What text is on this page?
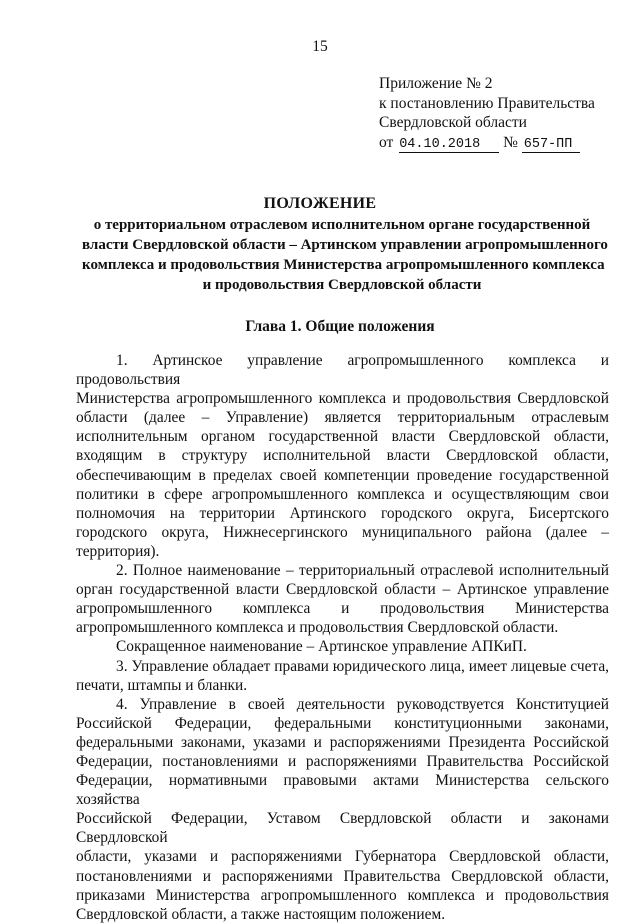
15
Приложение № 2
к постановлению Правительства
Свердловской области
от 04.10.2018 № 657-ПП
ПОЛОЖЕНИЕ
о территориальном отраслевом исполнительном органе государственной
власти Свердловской области – Артинском управлении агропромышленного
комплекса и продовольствия Министерства агропромышленного комплекса
и продовольствия Свердловской области
Глава 1. Общие положения
1. Артинское управление агропромышленного комплекса и продовольствия
Министерства агропромышленного комплекса и продовольствия Свердловской
области (далее – Управление) является территориальным отраслевым
исполнительным органом государственной власти Свердловской области,
входящим в структуру исполнительной власти Свердловской области,
обеспечивающим в пределах своей компетенции проведение государственной
политики в сфере агропромышленного комплекса и осуществляющим свои
полномочия на территории Артинского городского округа, Бисертского
городского округа, Нижнесергинского муниципального района (далее –
территория).
2. Полное наименование – территориальный отраслевой исполнительный
орган государственной власти Свердловской области – Артинское управление
агропромышленного комплекса и продовольствия Министерства
агропромышленного комплекса и продовольствия Свердловской области.
Сокращенное наименование – Артинское управление АПКиП.
3. Управление обладает правами юридического лица, имеет лицевые счета,
печати, штампы и бланки.
4. Управление в своей деятельности руководствуется Конституцией
Российской Федерации, федеральными конституционными законами,
федеральными законами, указами и распоряжениями Президента Российской
Федерации, постановлениями и распоряжениями Правительства Российской
Федерации, нормативными правовыми актами Министерства сельского хозяйства
Российской Федерации, Уставом Свердловской области и законами Свердловской
области, указами и распоряжениями Губернатора Свердловской области,
постановлениями и распоряжениями Правительства Свердловской области,
приказами Министерства агропромышленного комплекса и продовольствия
Свердловской области, а также настоящим положением.
